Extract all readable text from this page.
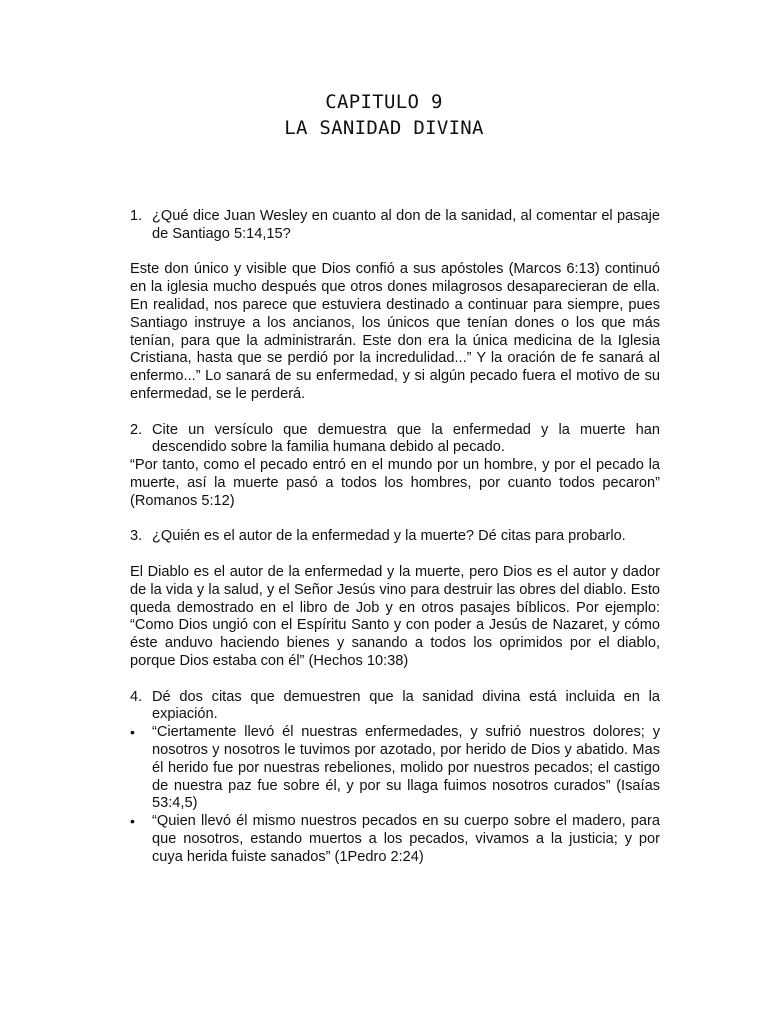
CAPITULO 9
LA SANIDAD DIVINA
1. ¿Qué dice Juan Wesley en cuanto al don de la sanidad, al comentar el pasaje de Santiago 5:14,15?
Este don único y visible que Dios confió a sus apóstoles (Marcos 6:13) continuó en la iglesia mucho después que otros dones milagrosos desaparecieran de ella. En realidad, nos parece que estuviera destinado a continuar para siempre, pues Santiago instruye a los ancianos, los únicos que tenían dones o los que más tenían, para que la administrarán. Este don era la única medicina de la Iglesia Cristiana, hasta que se perdió por la incredulidad...” Y la oración de fe sanará al enfermo...” Lo sanará de su enfermedad, y si algún pecado fuera el motivo de su enfermedad, se le perderá.
2. Cite un versículo que demuestra que la enfermedad y la muerte han descendido sobre la familia humana debido al pecado.
“Por tanto, como el pecado entró en el mundo por un hombre, y por el pecado la muerte, así la muerte pasó a todos los hombres, por cuanto todos pecaron” (Romanos 5:12)
3. ¿Quién es el autor de la enfermedad y la muerte? Dé citas para probarlo.
El Diablo es el autor de la enfermedad y la muerte, pero Dios es el autor y dador de la vida y la salud, y el Señor Jesús vino para destruir las obres del diablo. Esto queda demostrado en el libro de Job y en otros pasajes bíblicos. Por ejemplo: “Como Dios ungió con el Espíritu Santo y con poder a Jesús de Nazaret, y cómo éste anduvo haciendo bienes y sanando a todos los oprimidos por el diablo, porque Dios estaba con él” (Hechos 10:38)
4. Dé dos citas que demuestren que la sanidad divina está incluida en la expiación.
•	“Ciertamente llevó él nuestras enfermedades, y sufrió nuestros dolores; y nosotros y nosotros le tuvimos por azotado, por herido de Dios y abatido. Mas él herido fue por nuestras rebeliones, molido por nuestros pecados; el castigo de nuestra paz fue sobre él, y por su llaga fuimos nosotros curados” (Isaías 53:4,5)
•	“Quien llevó él mismo nuestros pecados en su cuerpo sobre el madero, para que nosotros, estando muertos a los pecados, vivamos a la justicia; y por cuya herida fuiste sanados” (1Pedro 2:24)
